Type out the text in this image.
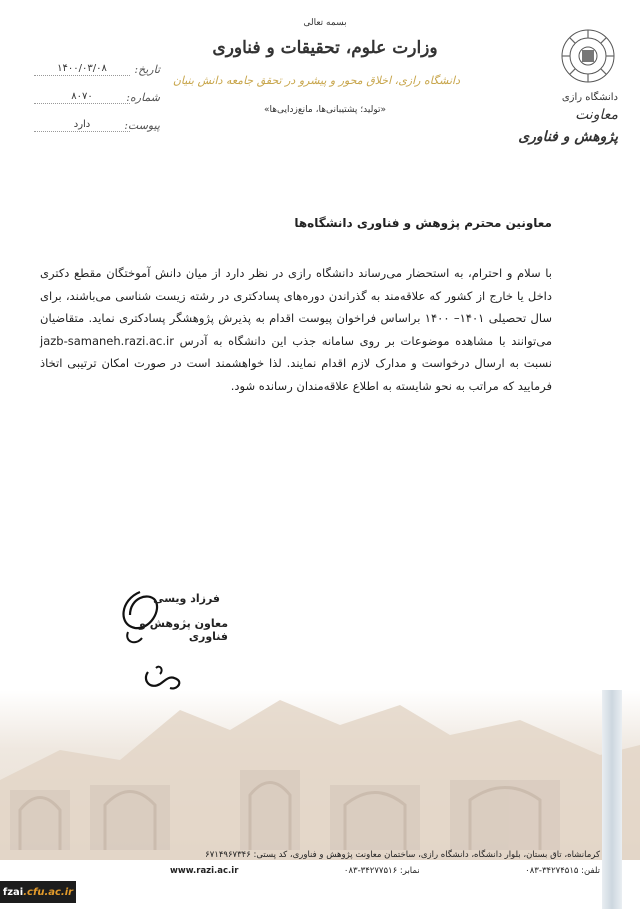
تاریخ:
۱۴۰۰/۰۳/۰۸
شماره:
۸۰۷۰
پیوست:
دارد
بسمه تعالی
وزارت علوم، تحقیقات و فناوری
دانشگاه رازی، اخلاق محور و پیشرو در تحقق جامعه دانش بنیان
«تولید؛ پشتیبانی‌ها، مانع‌زدایی‌ها»
دانشگاه رازی
معاونت
پژوهش و فناوری
معاونین محترم پژوهش و فناوری دانشگاه‌ها
با سلام و احترام، به استحضار می‌رساند دانشگاه رازی در نظر دارد از میان دانش آموختگان مقطع دکتری داخل یا خارج از کشور که علاقه‌مند به گذراندن دوره‌های پسادکتری در رشته زیست شناسی می‌باشند، برای سال تحصیلی ۱۴۰۱– ۱۴۰۰ براساس فراخوان پیوست اقدام به پذیرش پژوهشگر پسادکتری نماید. متقاضیان می‌توانند با مشاهده موضوعات بر روی سامانه جذب این دانشگاه به آدرس jazb-samaneh.razi.ac.ir نسبت به ارسال درخواست و مدارک لازم اقدام نمایند. لذا خواهشمند است در صورت امکان ترتیبی اتخاذ فرمایید که مراتب به نحو شایسته به اطلاع علاقه‌مندان رسانده شود.
فرزاد ویسی
معاون پژوهش و فناوری
کرمانشاه، تاق بستان، بلوار دانشگاه، دانشگاه رازی، ساختمان معاونت پژوهش و فناوری، کد پستی: ۶۷۱۴۹۶۷۳۴۶
تلفن: ۳۴۲۷۴۵۱۵-۰۸۳
نمابر: ۳۴۲۷۷۵۱۶-۰۸۳
www.razi.ac.ir
fzai .cfu.ac.ir
